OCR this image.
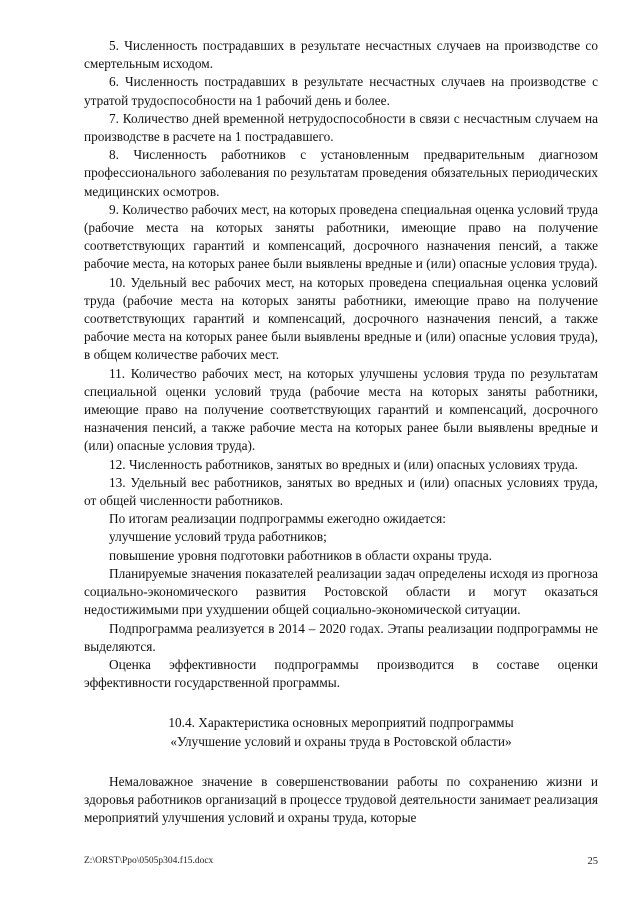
5. Численность пострадавших в результате несчастных случаев на производстве со смертельным исходом.

6. Численность пострадавших в результате несчастных случаев на производстве с утратой трудоспособности на 1 рабочий день и более.

7. Количество дней временной нетрудоспособности в связи с несчастным случаем на производстве в расчете на 1 пострадавшего.

8. Численность работников с установленным предварительным диагнозом профессионального заболевания по результатам проведения обязательных периодических медицинских осмотров.

9. Количество рабочих мест, на которых проведена специальная оценка условий труда (рабочие места на которых заняты работники, имеющие право на получение соответствующих гарантий и компенсаций, досрочного назначения пенсий, а также рабочие места, на которых ранее были выявлены вредные и (или) опасные условия труда).

10. Удельный вес рабочих мест, на которых проведена специальная оценка условий труда (рабочие места на которых заняты работники, имеющие право на получение соответствующих гарантий и компенсаций, досрочного назначения пенсий, а также рабочие места на которых ранее были выявлены вредные и (или) опасные условия труда), в общем количестве рабочих мест.

11. Количество рабочих мест, на которых улучшены условия труда по результатам специальной оценки условий труда (рабочие места на которых заняты работники, имеющие право на получение соответствующих гарантий и компенсаций, досрочного назначения пенсий, а также рабочие места на которых ранее были выявлены вредные и (или) опасные условия труда).

12. Численность работников, занятых во вредных и (или) опасных условиях труда.

13. Удельный вес работников, занятых во вредных и (или) опасных условиях труда, от общей численности работников.

По итогам реализации подпрограммы ежегодно ожидается:

улучшение условий труда работников;

повышение уровня подготовки работников в области охраны труда.

Планируемые значения показателей реализации задач определены исходя из прогноза социально-экономического развития Ростовской области и могут оказаться недостижимыми при ухудшении общей социально-экономической ситуации.

Подпрограмма реализуется в 2014 – 2020 годах. Этапы реализации подпрограммы не выделяются.

Оценка эффективности подпрограммы производится в составе оценки эффективности государственной программы.

10.4. Характеристика основных мероприятий подпрограммы
«Улучшение условий и охраны труда в Ростовской области»

Немаловажное значение в совершенствовании работы по сохранению жизни и здоровья работников организаций в процессе трудовой деятельности занимает реализация мероприятий улучшения условий и охраны труда, которые

Z:\ORST\Ppo\0505p304.f15.docx	25
